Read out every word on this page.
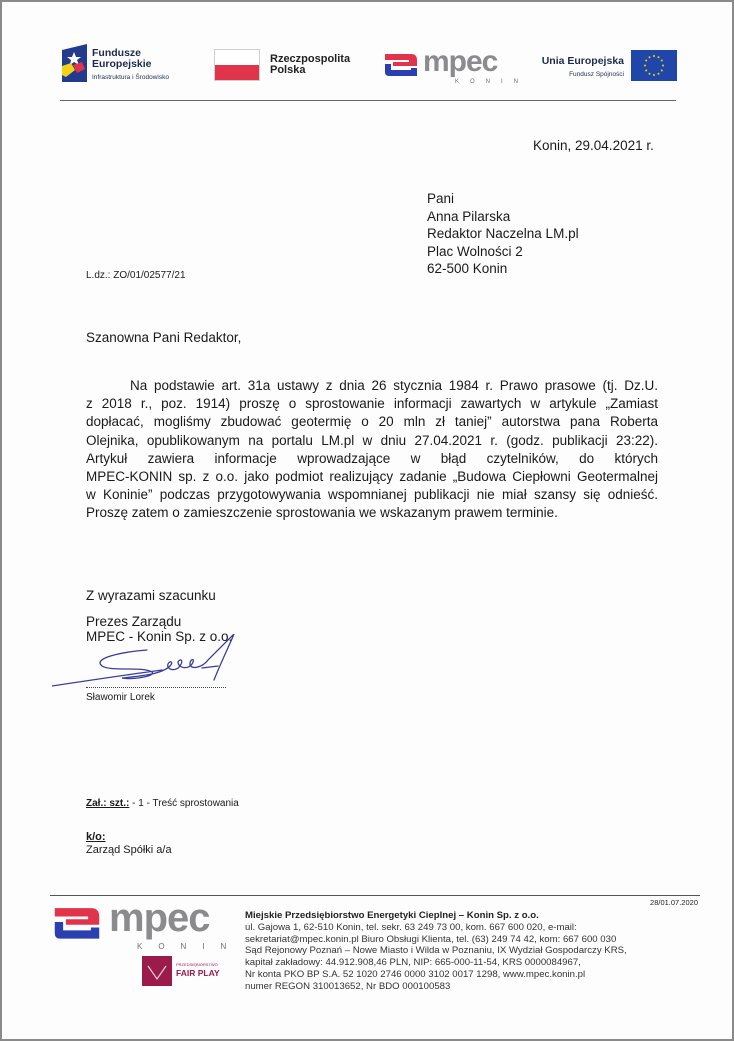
Fundusze
Europejskie
Infrastruktura i Środowisko
Rzeczpospolita
Polska	mpec
KONIN
Unia Europejska
Fundusz Spójności
Konin, 29.04.2021 r.
Pani
Anna Pilarska
Redaktor Naczelna LM.pl
Plac Wolności 2
62-500 Konin
L.dz.: ZO/01/02577/21
Szanowna Pani Redaktor,
Na podstawie art. 31a ustawy z dnia 26 stycznia 1984 r. Prawo prasowe (tj. Dz.U.
z 2018 r., poz. 1914) proszę o sprostowanie informacji zawartych w artykule „Zamiast
dopłacać, mogliśmy zbudować geotermię o 20 mln zł taniej” autorstwa pana Roberta
Olejnika, opublikowanym na portalu LM.pl w dniu 27.04.2021 r. (godz. publikacji 23:22).
Artykuł zawiera informacje wprowadzające w błąd czytelników, do których
MPEC-KONIN sp. z o.o. jako podmiot realizujący zadanie „Budowa Ciepłowni Geotermalnej
w Koninie” podczas przygotowywania wspomnianej publikacji nie miał szansy się odnieść.
Proszę zatem o zamieszczenie sprostowania we wskazanym prawem terminie.
Z wyrazami szacunku
Prezes Zarządu
MPEC - Konin Sp. z o.o.
Sławomir Lorek
Zał.: szt.: - 1 - Treść sprostowania
k/o:
Zarząd Spółki a/a
mpec
KONIN
PRZEDSIĘBIORSTWO
FAIR PLAY
28/01.07.2020
Miejskie Przedsiębiorstwo Energetyki Cieplnej – Konin Sp. z o.o.
ul. Gajowa 1, 62-510 Konin, tel. sekr. 63 249 73 00, kom. 667 600 020, e-mail:
sekretariat@mpec.konin.pl Biuro Obsługi Klienta, tel. (63) 249 74 42, kom: 667 600 030
Sąd Rejonowy Poznań – Nowe Miasto i Wilda w Poznaniu, IX Wydział Gospodarczy KRS,
kapitał zakładowy: 44.912.908,46 PLN, NIP: 665-000-11-54, KRS 0000084967,
Nr konta PKO BP S.A. 52 1020 2746 0000 3102 0017 1298, www.mpec.konin.pl
numer REGON 310013652, Nr BDO 000100583
